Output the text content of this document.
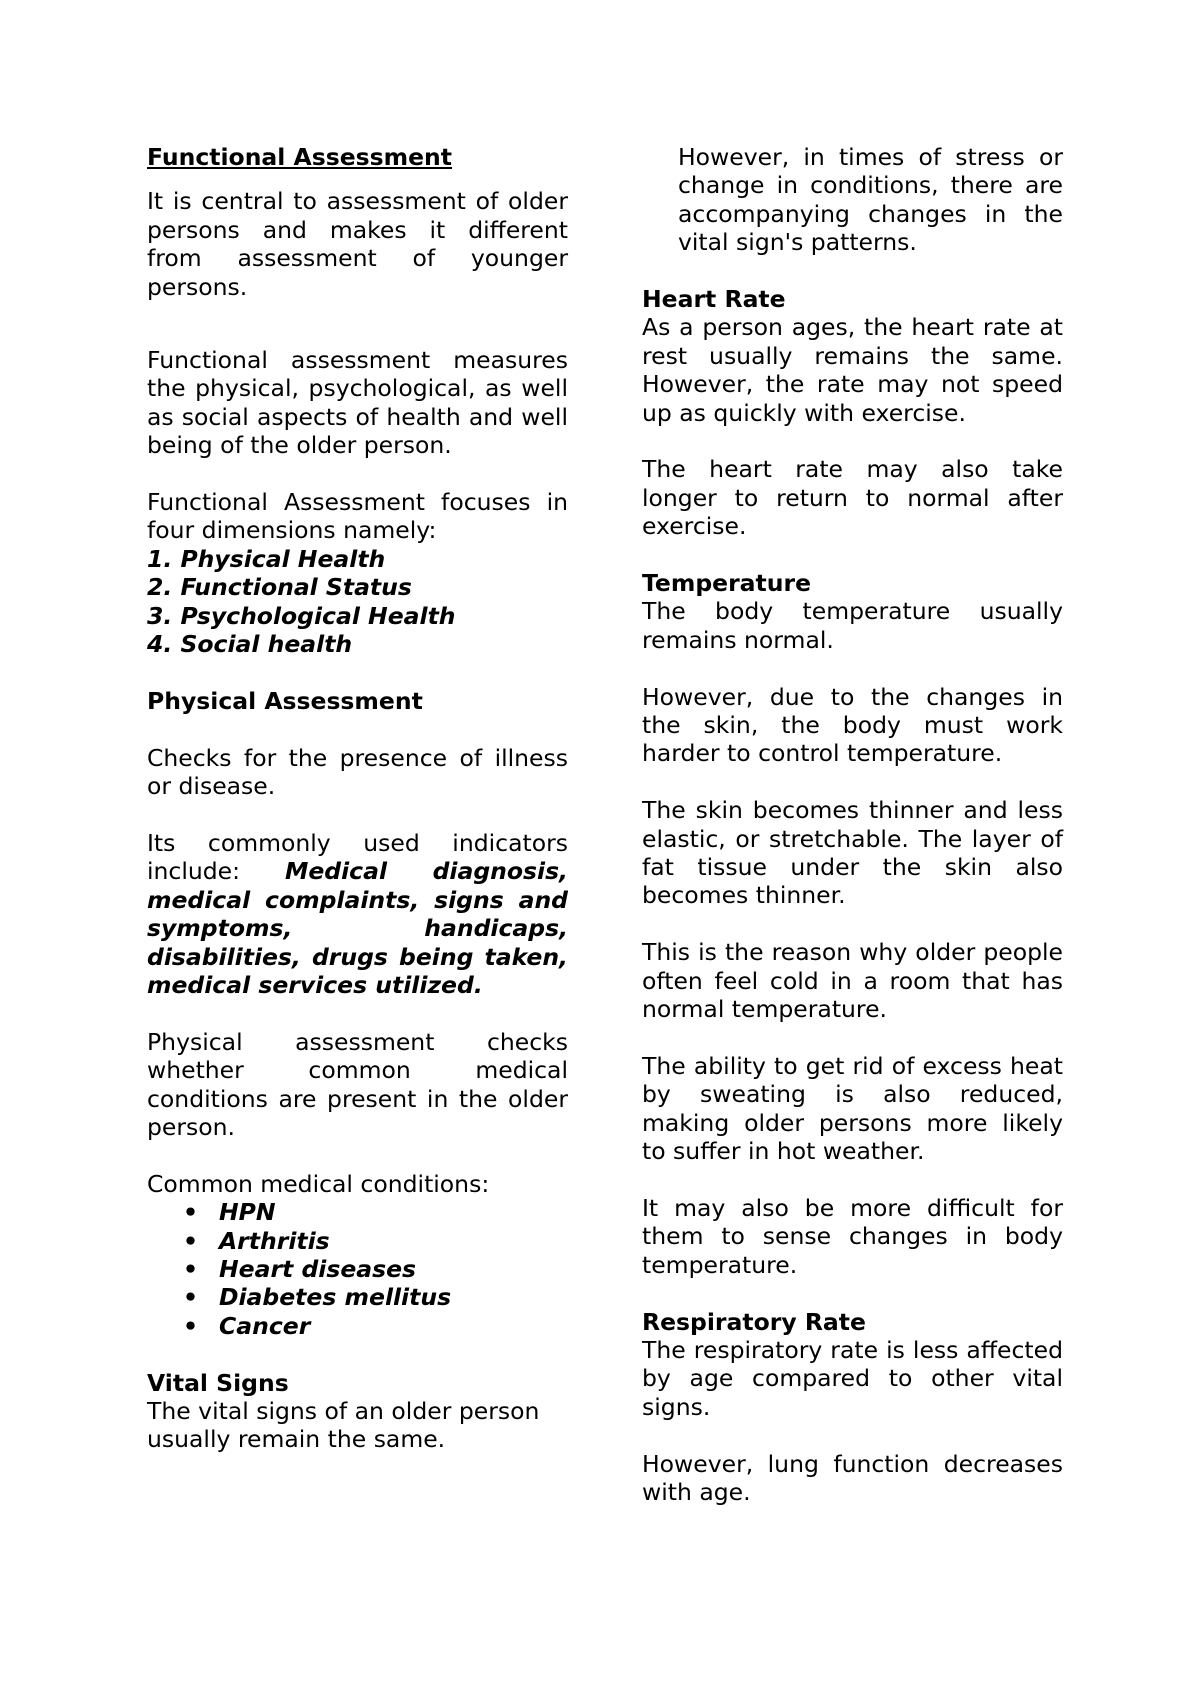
Functional Assessment

It is central to assessment of older persons and makes it different from assessment of younger persons.

Functional assessment measures the physical, psychological, as well as social aspects of health and well being of the older person.

Functional Assessment focuses in four dimensions namely:

1. Physical Health
2. Functional Status
3. Psychological Health
4. Social health
Physical Assessment

Checks for the presence of illness or disease.

Its commonly used indicators include: Medical diagnosis, medical complaints, signs and symptoms, handicaps, disabilities, drugs being taken, medical services utilized.

Physical assessment checks whether common medical conditions are present in the older person.

Common medical conditions:

• HPN
• Arthritis
• Heart diseases
• Diabetes mellitus
• Cancer
Vital Signs

The vital signs of an older person usually remain the same.

However, in times of stress or change in conditions, there are accompanying changes in the vital sign's patterns.

Heart Rate

As a person ages, the heart rate at rest usually remains the same. However, the rate may not speed up as quickly with exercise.

The heart rate may also take longer to return to normal after exercise.

Temperature

The body temperature usually remains normal.

However, due to the changes in the skin, the body must work harder to control temperature.

The skin becomes thinner and less elastic, or stretchable. The layer of fat tissue under the skin also becomes thinner.

This is the reason why older people often feel cold in a room that has normal temperature.

The ability to get rid of excess heat by sweating is also reduced, making older persons more likely to suffer in hot weather.

It may also be more difficult for them to sense changes in body temperature.

Respiratory Rate

The respiratory rate is less affected by age compared to other vital signs.

However, lung function decreases with age.
